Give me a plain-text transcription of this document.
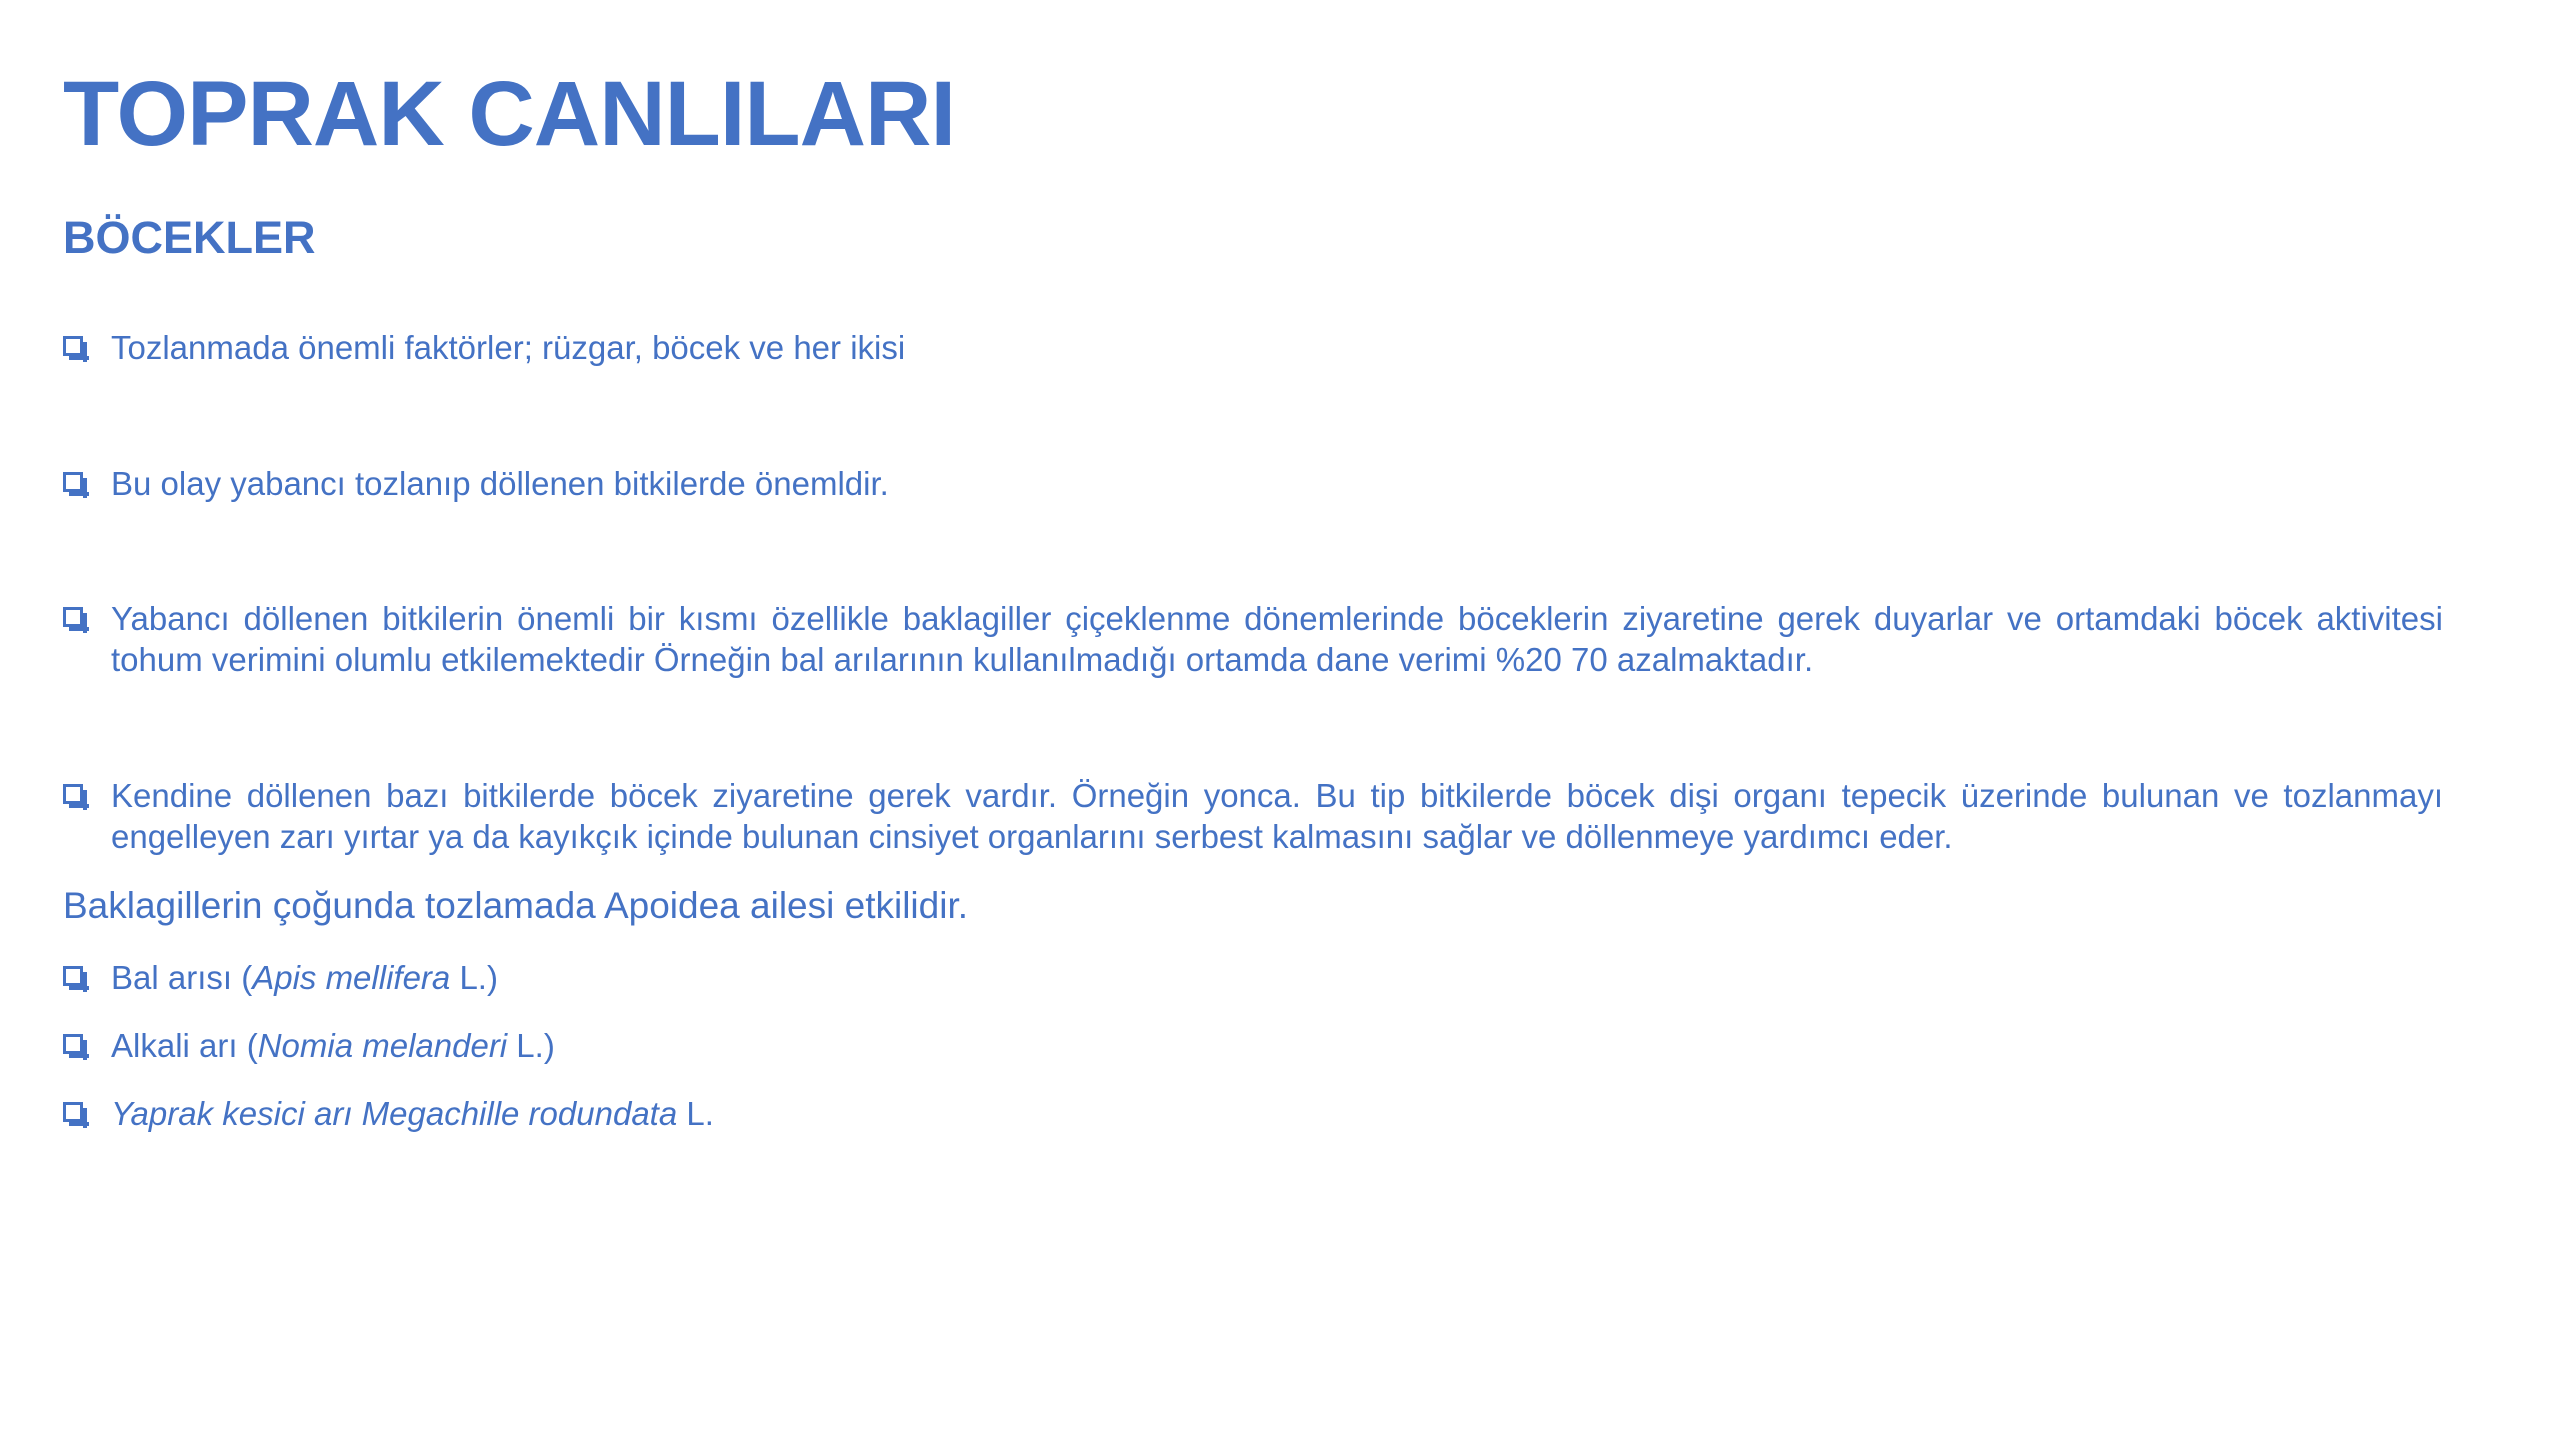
TOPRAK CANLILARI
BÖCEKLER
Tozlanmada önemli faktörler; rüzgar, böcek ve her ikisi
Bu olay yabancı tozlanıp döllenen bitkilerde önemldir.
Yabancı döllenen bitkilerin önemli bir kısmı özellikle baklagiller çiçeklenme dönemlerinde böceklerin ziyaretine gerek duyarlar ve ortamdaki böcek aktivitesi tohum verimini olumlu etkilemektedir Örneğin bal arılarının kullanılmadığı ortamda dane verimi %20 70 azalmaktadır.
Kendine döllenen bazı bitkilerde böcek ziyaretine gerek vardır. Örneğin yonca. Bu tip bitkilerde böcek dişi organı tepecik üzerinde bulunan ve tozlanmayı engelleyen zarı yırtar ya da kayıkçık içinde bulunan cinsiyet organlarını serbest kalmasını sağlar ve döllenmeye yardımcı eder.
Baklagillerin çoğunda tozlamada Apoidea ailesi etkilidir.
Bal arısı (Apis mellifera L.)
Alkali arı (Nomia melanderi L.)
Yaprak kesici arı Megachille rodundata L.
